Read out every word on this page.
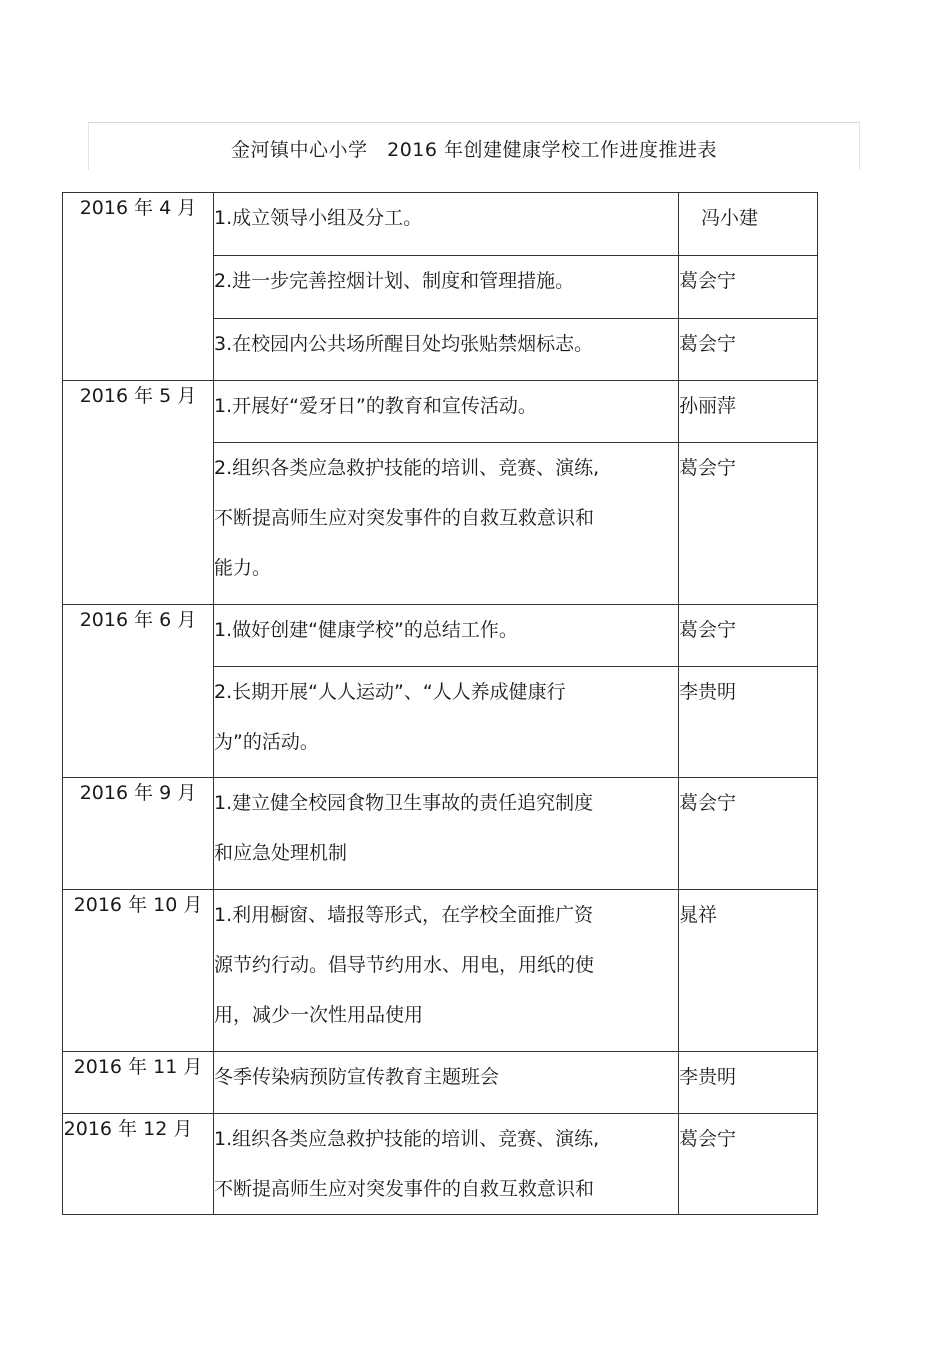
金河镇中心小学   2016 年创建健康学校工作进度推进表
2016 年 4 月	1.成立领导小组及分工。	冯小建

	2.进一步完善控烟计划、制度和管理措施。	葛会宁

	3.在校园内公共场所醒目处均张贴禁烟标志。	葛会宁
2016 年 5 月	1.开展好“爱牙日”的教育和宣传活动。	孙丽萍

	2.组织各类应急救护技能的培训、竞赛、演练,
不断提高师生应对突发事件的自救互救意识和
能力。	葛会宁
2016 年 6 月	1.做好创建“健康学校”的总结工作。	葛会宁

	2.长期开展“人人运动”、“人人养成健康行
为”的活动。	李贵明
2016 年 9 月	1.建立健全校园食物卫生事故的责任追究制度
和应急处理机制	葛会宁
2016 年 10 月	1.利用橱窗、墙报等形式，在学校全面推广资
源节约行动。倡导节约用水、用电，用纸的使
用，减少一次性用品使用	晁祥
2016 年 11 月	冬季传染病预防宣传教育主题班会	李贵明
2016 年 12 月	1.组织各类应急救护技能的培训、竞赛、演练,
不断提高师生应对突发事件的自救互救意识和	葛会宁
